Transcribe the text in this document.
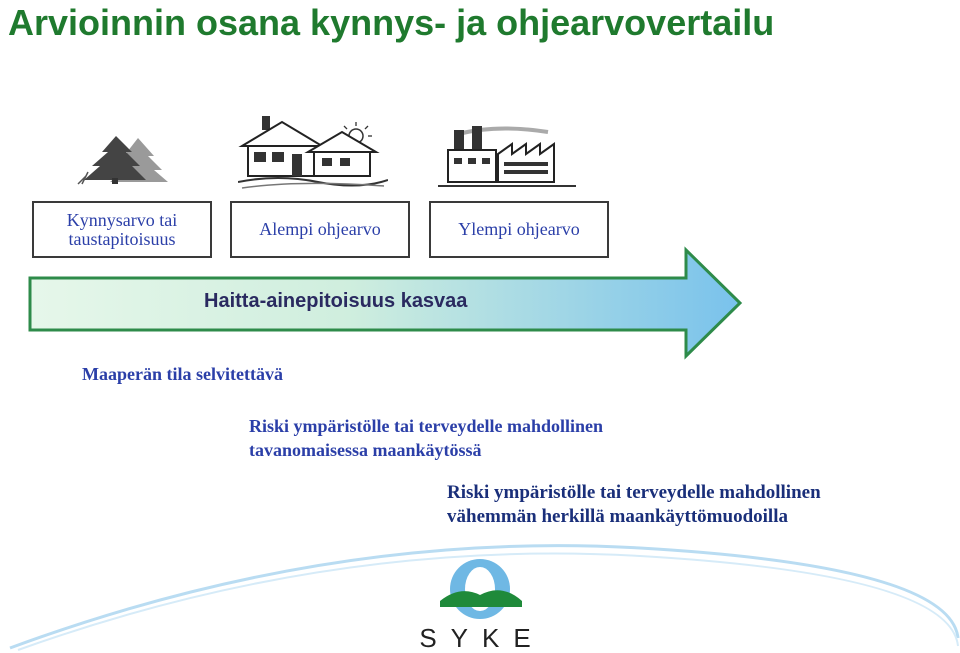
Arvioinnin osana kynnys- ja ohjearvovertailu
Kynnysarvo tai
taustapitoisuus	Alempi ohjearvo	Ylempi ohjearvo
Haitta-ainepitoisuus kasvaa
Maaperän tila selvitettävä
Riski ympäristölle tai terveydelle mahdollinen
tavanomaisessa maankäytössä
Riski ympäristölle tai terveydelle mahdollinen
vähemmän herkillä maankäyttömuodoilla
SYKE
